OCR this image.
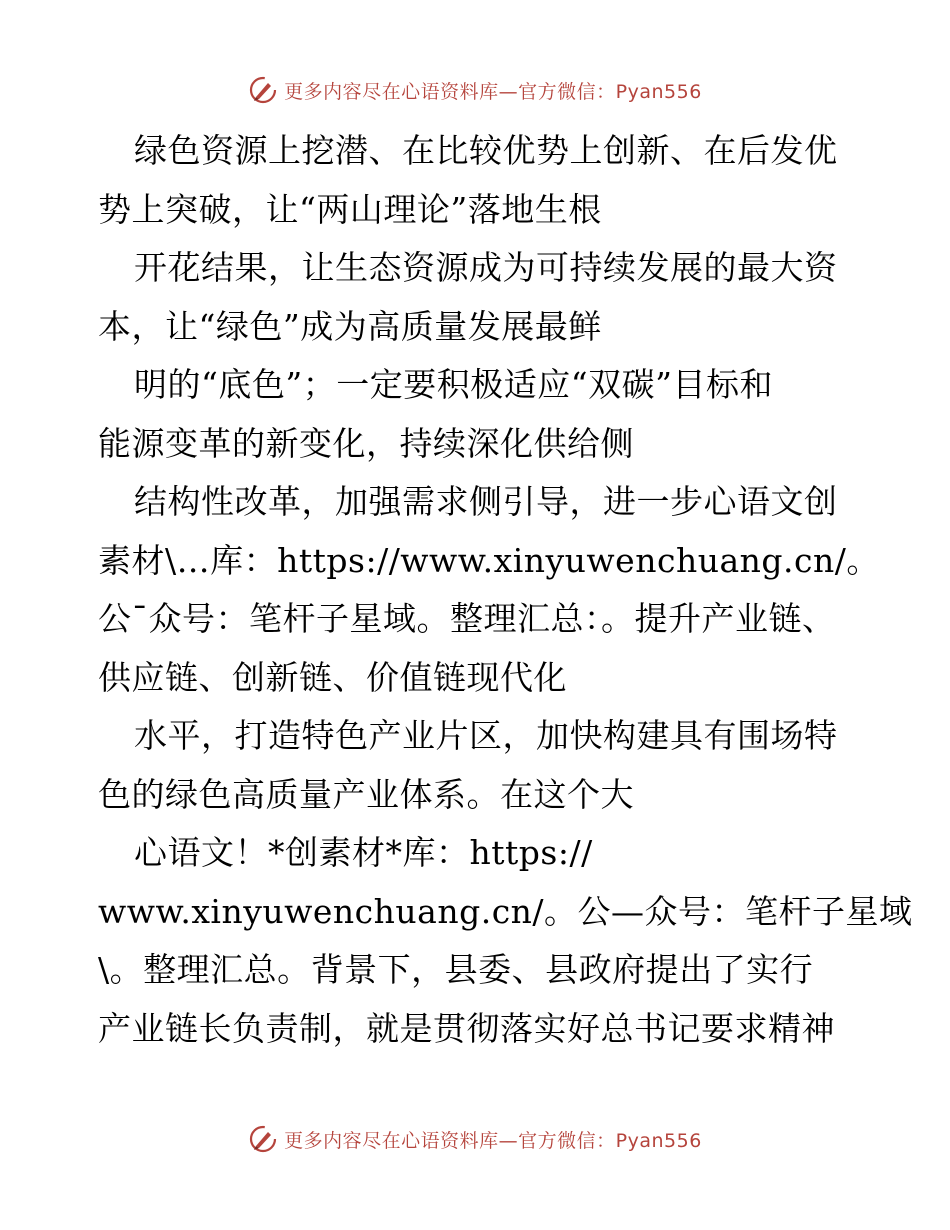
更多内容尽在心语资料库—官方微信：Pyan556
绿色资源上挖潜、在比较优势上创新、在后发优
势上突破，让“两山理论”落地生根
开花结果，让生态资源成为可持续发展的最大资
本，让“绿色”成为高质量发展最鲜
明的“底色”；一定要积极适应“双碳”目标和
能源变革的新变化，持续深化供给侧
结构性改革，加强需求侧引导，进一步心语文创
素材\…库：https://www.xinyuwenchuang.cn/。
公¯众号：笔杆子星域。整理汇总：。提升产业链、
供应链、创新链、价值链现代化
水平，打造特色产业片区，加快构建具有围场特
色的绿色高质量产业体系。在这个大
心语文！*创素材*库：https://
www.xinyuwenchuang.cn/。公—众号：笔杆子星域
\。整理汇总。背景下，县委、县政府提出了实行
产业链长负责制，就是贯彻落实好总书记要求精神
更多内容尽在心语资料库—官方微信：Pyan556
